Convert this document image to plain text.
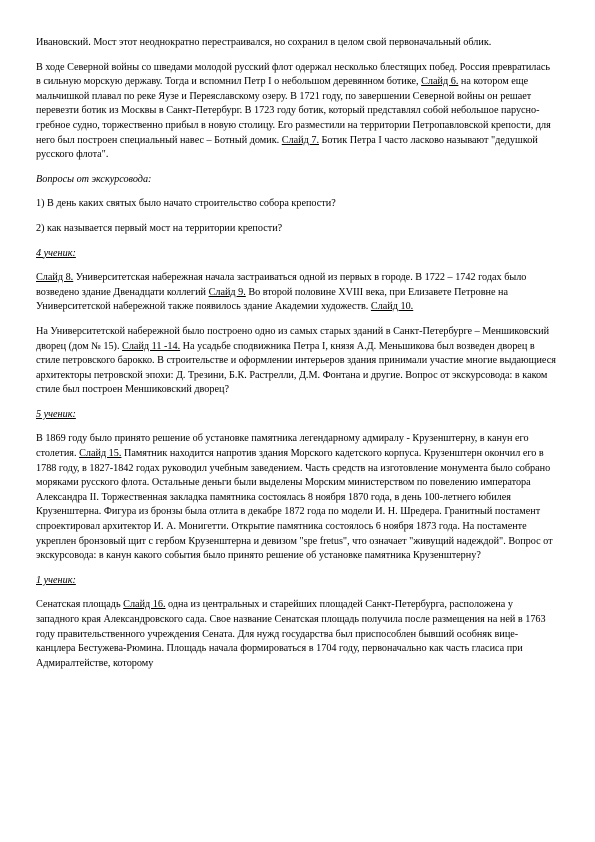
Ивановский. Мост этот неоднократно перестраивался, но сохранил в целом свой первоначальный облик.

В ходе Северной войны со шведами молодой русский флот одержал несколько блестящих побед. Россия превратилась в сильную морскую державу. Тогда и вспомнил Петр I о небольшом деревянном ботике, Слайд 6. на котором еще мальчишкой плавал по реке Яузе и Переяславскому озеру. В 1721 году, по завершении Северной войны он решает перевезти ботик из Москвы в Санкт-Петербург. В 1723 году ботик, который представлял собой небольшое парусно-гребное судно, торжественно прибыл в новую столицу. Его разместили на территории Петропавловской крепости, для него был построен специальный навес – Ботный домик. Слайд 7. Ботик Петра I часто ласково называют "дедушкой русского флота".

Вопросы от экскурсовода:

1) В день каких святых было начато строительство собора крепости?

2) как называется первый мост на территории крепости?

4 ученик:

Слайд 8. Университетская набережная начала застраиваться одной из первых в городе. В 1722 – 1742 годах было возведено здание Двенадцати коллегий Слайд 9. Во второй половине XVIII века, при Елизавете Петровне на Университетской набережной также появилось здание Академии художеств. Слайд 10.

На Университетской набережной было построено одно из самых старых зданий в Санкт-Петербурге – Меншиковский дворец (дом № 15). Слайд 11 -14. На усадьбе сподвижника Петра I, князя А.Д. Меньшикова был возведен дворец в стиле петровского барокко. В строительстве и оформлении интерьеров здания принимали участие многие выдающиеся архитекторы петровской эпохи: Д. Трезини, Б.К. Растрелли, Д.М. Фонтана и другие. Вопрос от экскурсовода: в каком стиле был построен Меншиковский дворец?

5 ученик:

В 1869 году было принято решение об установке памятника легендарному адмиралу - Крузенштерну, в канун его столетия. Слайд 15. Памятник находится напротив здания Морского кадетского корпуса. Крузенштерн окончил его в 1788 году, в 1827-1842 годах руководил учебным заведением. Часть средств на изготовление монумента было собрано моряками русского флота. Остальные деньги были выделены Морским министерством по повелению императора Александра II. Торжественная закладка памятника состоялась 8 ноября 1870 года, в день 100-летнего юбилея Крузенштерна. Фигура из бронзы была отлита в декабре 1872 года по модели И. Н. Шредера. Гранитный постамент спроектировал архитектор И. А. Монигетти. Открытие памятника состоялось 6 ноября 1873 года. На постаменте укреплен бронзовый щит с гербом Крузенштерна и девизом "spe fretus", что означает "живущий надеждой". Вопрос от экскурсовода: в канун какого события было принято решение об установке памятника Крузенштерну?

1 ученик:

Сенатская площадь Слайд 16. одна из центральных и старейших площадей Санкт-Петербурга, расположена у западного края Александровского сада. Свое название Сенатская площадь получила после размещения на ней в 1763 году правительственного учреждения Сената. Для нужд государства был приспособлен бывший особняк вице-канцлера Бестужева-Рюмина. Площадь начала формироваться в 1704 году, первоначально как часть гласиса при Адмиралтействе, которому
